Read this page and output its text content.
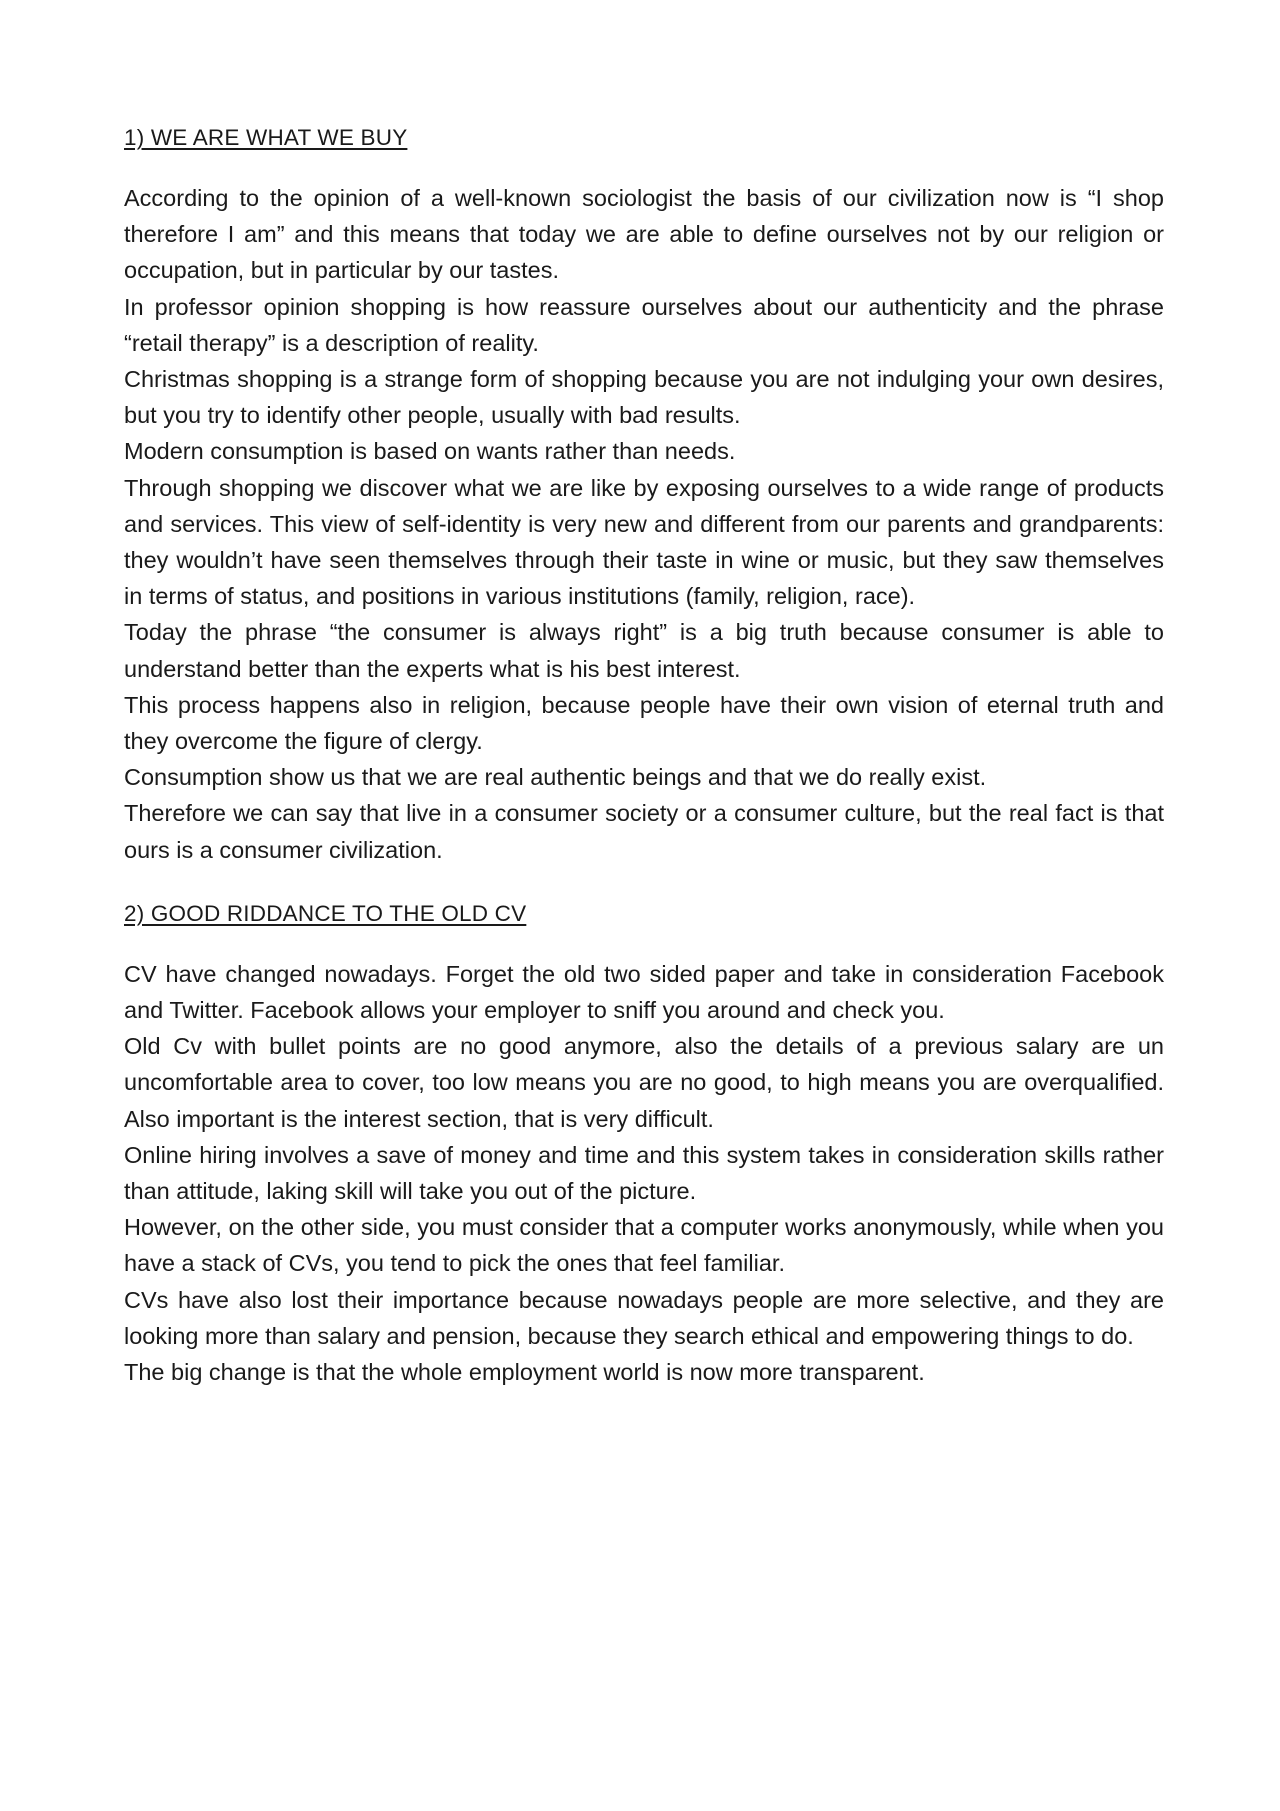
1) WE ARE WHAT WE BUY

According to the opinion of a well-known sociologist the basis of our civilization now is “I shop therefore I am” and this means that today we are able to define ourselves not by our religion or occupation, but in particular by our tastes.

In professor opinion shopping is how reassure ourselves about our authenticity and the phrase “retail therapy” is a description of reality.

Christmas shopping is a strange form of shopping because you are not indulging your own desires, but you try to identify other people, usually with bad results.

Modern consumption is based on wants rather than needs.

Through shopping we discover what we are like by exposing ourselves to a wide range of products and services. This view of self-identity is very new and different from our parents and grandparents: they wouldn’t have seen themselves through their taste in wine or music, but they saw themselves in terms of status, and positions in various institutions (family, religion, race).

Today the phrase “the consumer is always right” is a big truth because consumer is able to understand better than the experts what is his best interest.

This process happens also in religion, because people have their own vision of eternal truth and they overcome the figure of clergy.

Consumption show us that we are real authentic beings and that we do really exist.

Therefore we can say that live in a consumer society or a consumer culture, but the real fact is that ours is a consumer civilization.

2) GOOD RIDDANCE TO THE OLD CV

CV have changed nowadays. Forget the old two sided paper and take in consideration Facebook and Twitter. Facebook allows your employer to sniff you around and check you.

Old Cv with bullet points are no good anymore, also the details of a previous salary are un uncomfortable area to cover, too low means you are no good, to high means you are overqualified. Also important is the interest section, that is very difficult.

Online hiring involves a save of money and time and this system takes in consideration skills rather than attitude, laking skill will take you out of the picture.

However, on the other side, you must consider that a computer works anonymously, while when you have a stack of CVs, you tend to pick the ones that feel familiar.

CVs have also lost their importance because nowadays people are more selective, and they are looking more than salary and pension, because they search ethical and empowering things to do.

The big change is that the whole employment world is now more transparent.
